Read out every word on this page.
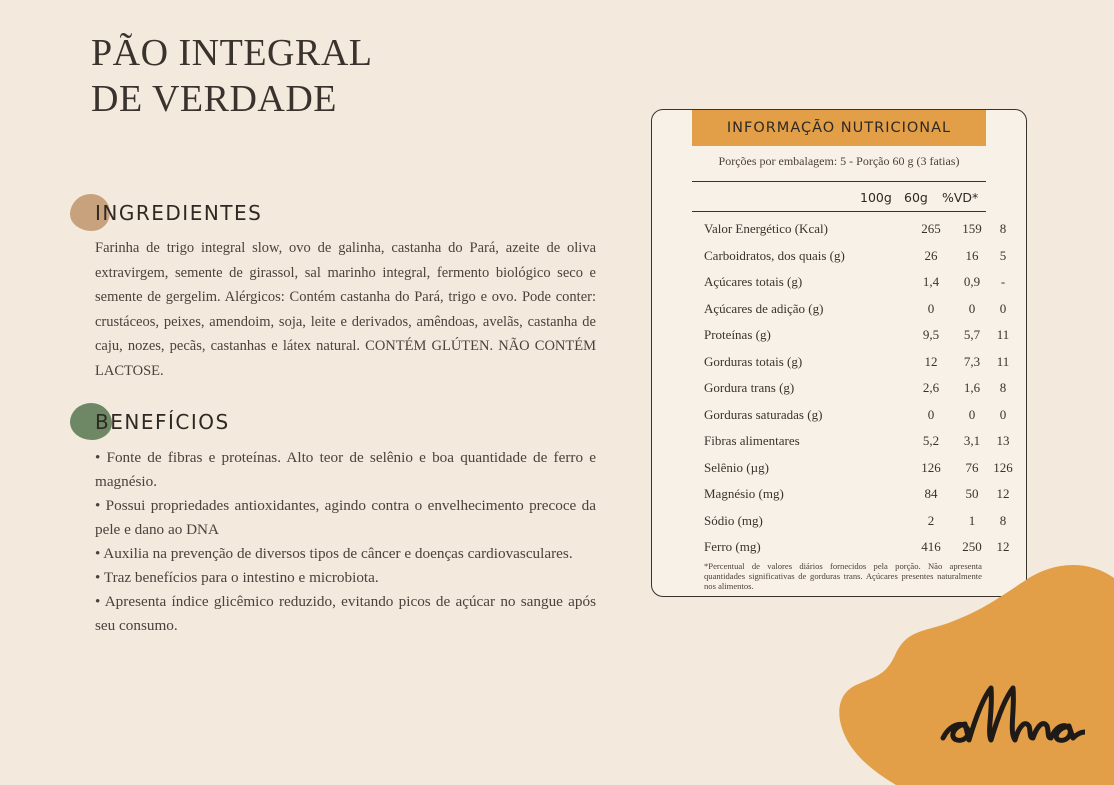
PÃO INTEGRAL
DE VERDADE
INGREDIENTES

Farinha de trigo integral slow, ovo de galinha, castanha do Pará, azeite de oliva extravirgem, semente de girassol, sal marinho integral, fermento biológico seco e semente de gergelim. Alérgicos: Contém castanha do Pará, trigo e ovo. Pode conter: crustáceos, peixes, amendoim, soja, leite e derivados, amêndoas, avelãs, castanha de caju, nozes, pecãs, castanhas e látex natural. CONTÉM GLÚTEN. NÃO CONTÉM LACTOSE.

BENEFÍCIOS
• Fonte de fibras e proteínas. Alto teor de selênio e boa quantidade de ferro e magnésio.
• Possui propriedades antioxidantes, agindo contra o envelhecimento precoce da pele e dano ao DNA
• Auxilia na prevenção de diversos tipos de câncer e doenças cardiovasculares.
• Traz benefícios para o intestino e microbiota.
• Apresenta índice glicêmico reduzido, evitando picos de açúcar no sangue após seu consumo.
INFORMAÇÃO NUTRICIONAL
Porções por embalagem: 5 - Porção 60 g (3 fatias)
100g 60g %VD*
Valor Energético (Kcal)	265	159	8
Carboidratos, dos quais (g)	26	16	5
Açúcares totais (g)	1,4	0,9	-
Açúcares de adição (g)	0	0	0
Proteínas (g)	9,5	5,7	11
Gorduras totais (g)	12	7,3	11
Gordura trans (g)	2,6	1,6	8
Gorduras saturadas (g)	0	0	0
Fibras alimentares	5,2	3,1	13
Selênio (µg)	126	76	126
Magnésio (mg)	84	50	12
Sódio (mg)	2	1	8
Ferro (mg)	416	250	12

*Percentual de valores diários fornecidos pela porção. Não apresenta quantidades significativas de gorduras trans. Açúcares presentes naturalmente nos alimentos.
